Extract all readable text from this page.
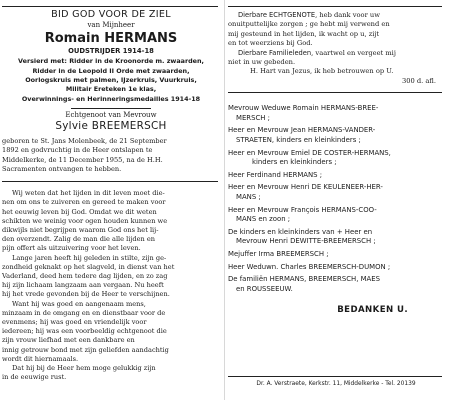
BID GOD VOOR DE ZIEL
van Mijnheer
Romain HERMANS
OUDSTRIJDER 1914-18
Versierd met: Ridder in de Kroonorde m. zwaarden,
Ridder in de Leopold II Orde met zwaarden,
Oorlogskruis met palmen, IJzerkruis, Vuurkruis,
Militair Ereteken 1e klas,
Overwinnings- en Herinneringsmedailles 1914-18
Echtgenoot van Mevrouw
Sylvie BREEMERSCH
geboren te St. Jans Molenbeek, de 21 September
1892 en godvruchtig in de Heer ontslapen te
Middelkerke, de 11 December 1955, na de H.H.
Sacramenten ontvangen te hebben.
Wij weten dat het lijden in dit leven moet die-
nen om ons te zuiveren en gereed te maken voor
het eeuwig leven bij God. Omdat we dit weten
schikten we weinig voor ogen houden kunnen we
dikwijls niet begrijpen waarom God ons het lij-
den overzendt. Zalig de man die alle lijden en
pijn offert als uitzuivering voor het leven.
Lange jaren heeft hij geleden in stilte, zijn ge-
zondheid geknakt op het slagveld, in dienst van het
Vaderland, deed hem tedere dag lijden, en zo zag
hij zijn lichaam langzaam aan vergaan. Nu heeft
hij het vrede gevonden bij de Heer te verschijnen.
Want hij was goed en aangenaam mens,
minzaam in de omgang en en dienstbaar voor de
evenmens; hij was goed en vriendelijk voor
iedereen; hij was een voorbeeldig echtgenoot die
zijn vrouw liefhad met een dankbare en
innig getrouw bond met zijn geliefden aandachtig
wordt dit hiernamaals.
Dat hij bij de Heer hem moge gelukkig zijn
in de eeuwige rust.
Dierbare ECHTGENOTE, heb dank voor uw
onuitputtelijke zorgen ; ge hebt mij verwend en
mij gesteund in het lijden, ik wacht op u, zijt
en tot weerziens bij God.
Dierbare Familieleden, vaartwel en vergeet mij
niet in uw gebeden.
H. Hart van Jezus, ik heb betrouwen op U.
300 d. afl.
Mevrouw Weduwe Romain HERMANS-BREE-
MERSCH ;
Heer en Mevrouw Jean HERMANS-VANDER-
STRAETEN, kinders en kleinkinders ;
Heer en Mevrouw Emiel DE COSTER-HERMANS,
kinders en kleinkinders ;
Heer Ferdinand HERMANS ;
Heer en Mevrouw Henri DE KEULENEER-HER-
MANS ;
Heer en Mevrouw François HERMANS-COO-
MANS en zoon ;
De kinders en kleinkinders van + Heer en
Mevrouw Henri DEWITTE-BREEMERSCH ;
Mejuffer Irma BREEMERSCH ;
Heer Weduwn. Charles BREEMERSCH-DUMON ;
De familiën HERMANS, BREEMERSCH, MAES
en ROUSSEEUW.
BEDANKEN U.
Dr. A. Verstraete, Kerkstr. 11, Middelkerke - Tel. 20139
